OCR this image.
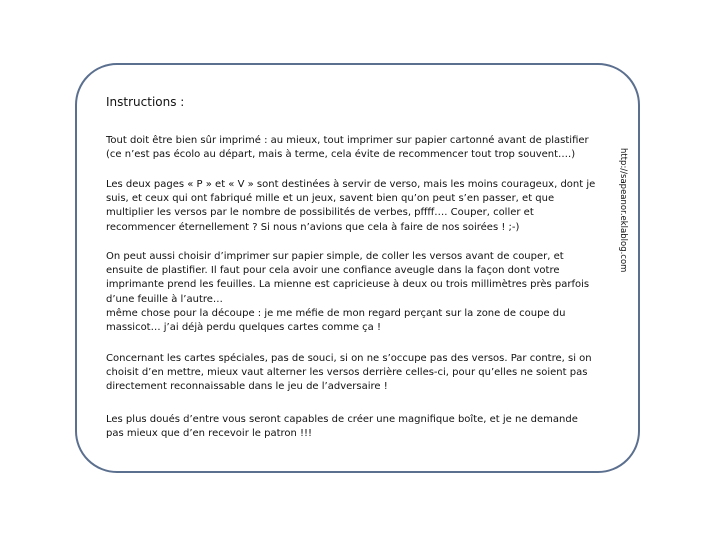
Instructions :

Tout doit être bien sûr imprimé : au mieux, tout imprimer sur papier cartonné avant de plastifier (ce n’est pas écolo au départ, mais à terme, cela évite de recommencer tout trop souvent….)

Les deux pages « P » et « V » sont destinées à servir de verso, mais les moins courageux, dont je suis, et ceux qui ont fabriqué mille et un jeux, savent bien qu’on peut s’en passer, et que multiplier les versos par le nombre de possibilités de verbes, pffff…. Couper, coller et recommencer éternellement ? Si nous n’avions que cela à faire de nos soirées ! ;-)

On peut aussi choisir d’imprimer sur papier simple, de coller les versos avant de couper, et ensuite de plastifier. Il faut pour cela avoir une confiance aveugle dans la façon dont votre imprimante prend les feuilles. La mienne est capricieuse à deux ou trois millimètres près parfois d’une feuille à l’autre…
même chose pour la découpe : je me méfie de mon regard perçant sur la zone de coupe du massicot… j’ai déjà perdu quelques cartes comme ça !

Concernant les cartes spéciales, pas de souci, si on ne s’occupe pas des versos. Par contre, si on choisit d’en mettre, mieux vaut alterner les versos derrière celles-ci, pour qu’elles ne soient pas directement reconnaissable dans le jeu de l’adversaire !

Les plus doués d’entre vous seront capables de créer une magnifique boîte, et je ne demande pas mieux que d’en recevoir le patron !!!

http://sapeanor.eklablog.com
